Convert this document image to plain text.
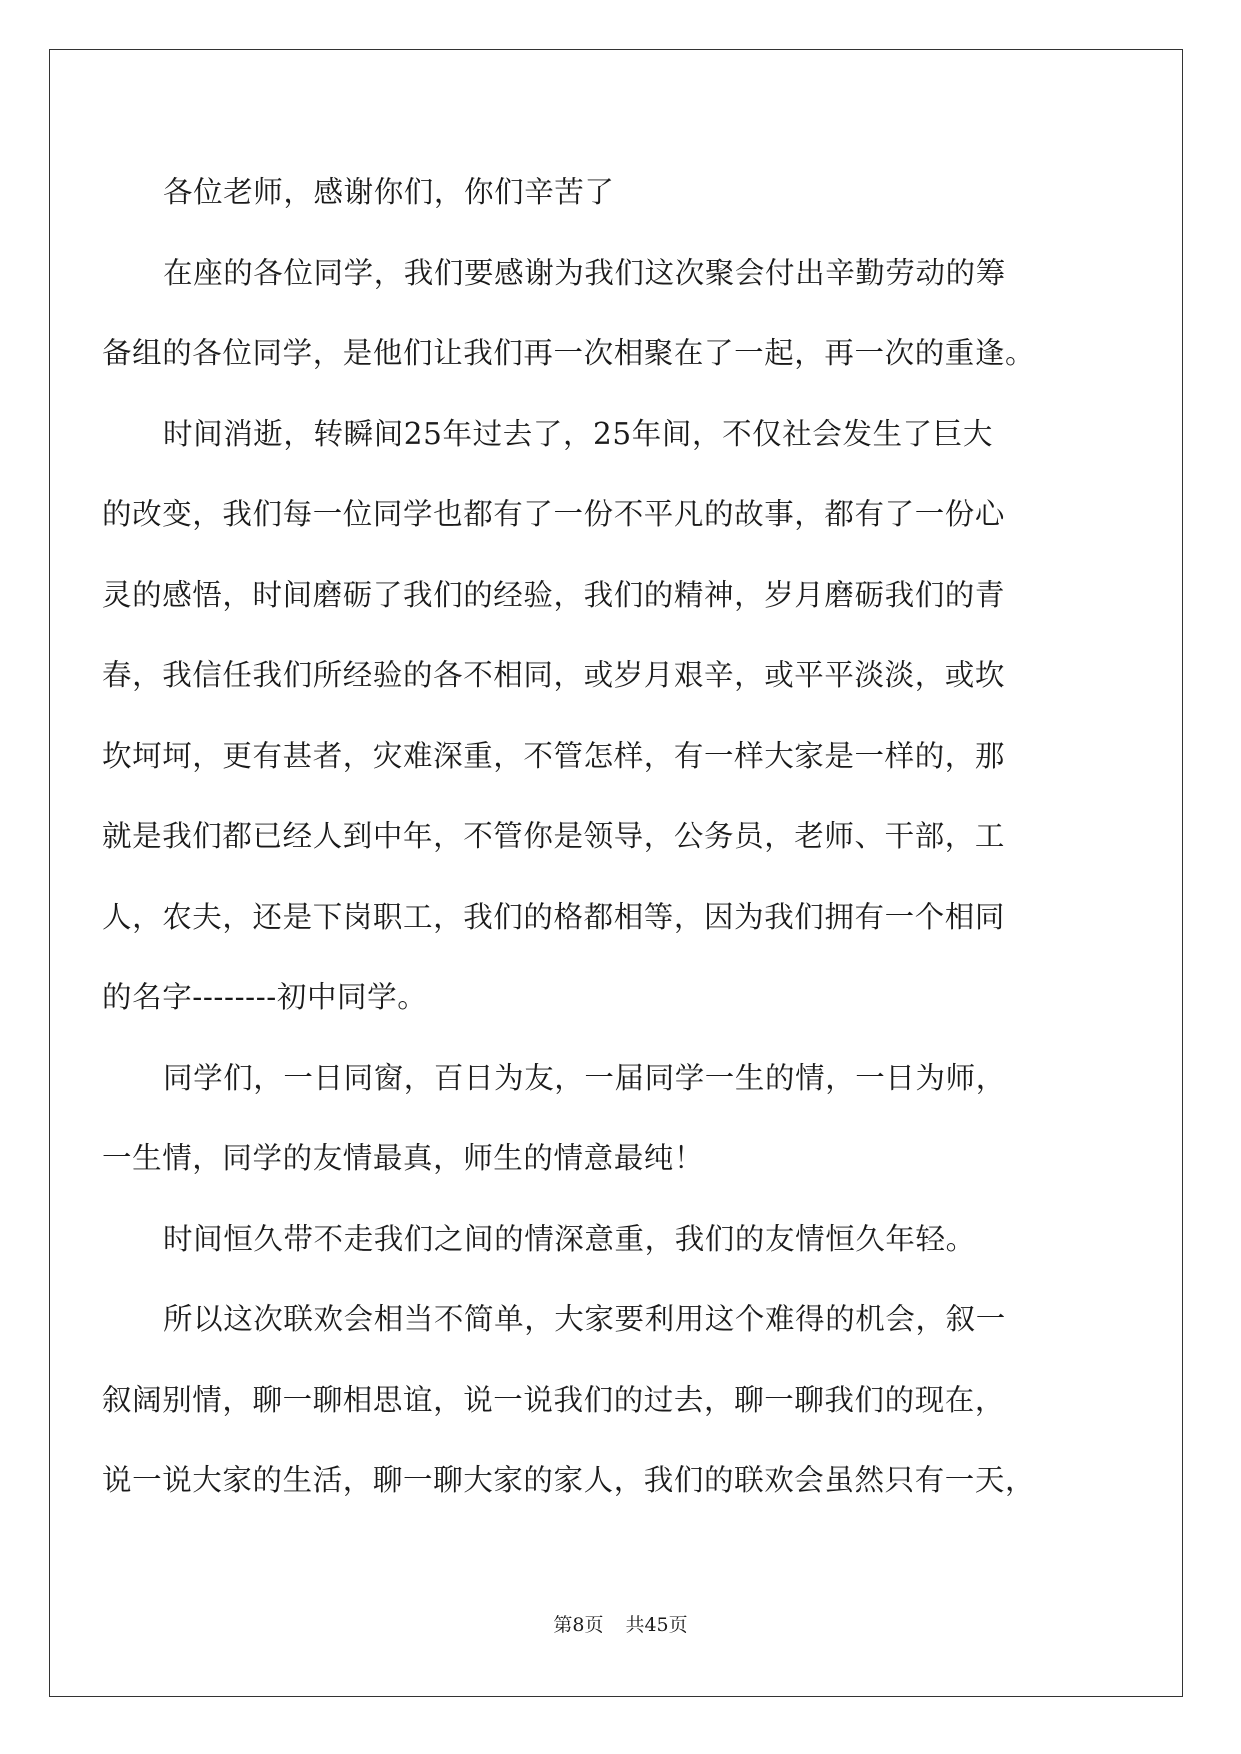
各位老师，感谢你们，你们辛苦了
在座的各位同学，我们要感谢为我们这次聚会付出辛勤劳动的筹
备组的各位同学，是他们让我们再一次相聚在了一起，再一次的重逢。
时间消逝，转瞬间25年过去了，25年间，不仅社会发生了巨大
的改变，我们每一位同学也都有了一份不平凡的故事，都有了一份心
灵的感悟，时间磨砺了我们的经验，我们的精神，岁月磨砺我们的青
春，我信任我们所经验的各不相同，或岁月艰辛，或平平淡淡，或坎
坎坷坷，更有甚者，灾难深重，不管怎样，有一样大家是一样的，那
就是我们都已经人到中年，不管你是领导，公务员，老师、干部，工
人，农夫，还是下岗职工，我们的格都相等，因为我们拥有一个相同
的名字--------初中同学。
同学们，一日同窗，百日为友，一届同学一生的情，一日为师，
一生情，同学的友情最真，师生的情意最纯！
时间恒久带不走我们之间的情深意重，我们的友情恒久年轻。
所以这次联欢会相当不简单，大家要利用这个难得的机会，叙一
叙阔别情，聊一聊相思谊，说一说我们的过去，聊一聊我们的现在，
说一说大家的生活，聊一聊大家的家人，我们的联欢会虽然只有一天，
第8页 共45页
